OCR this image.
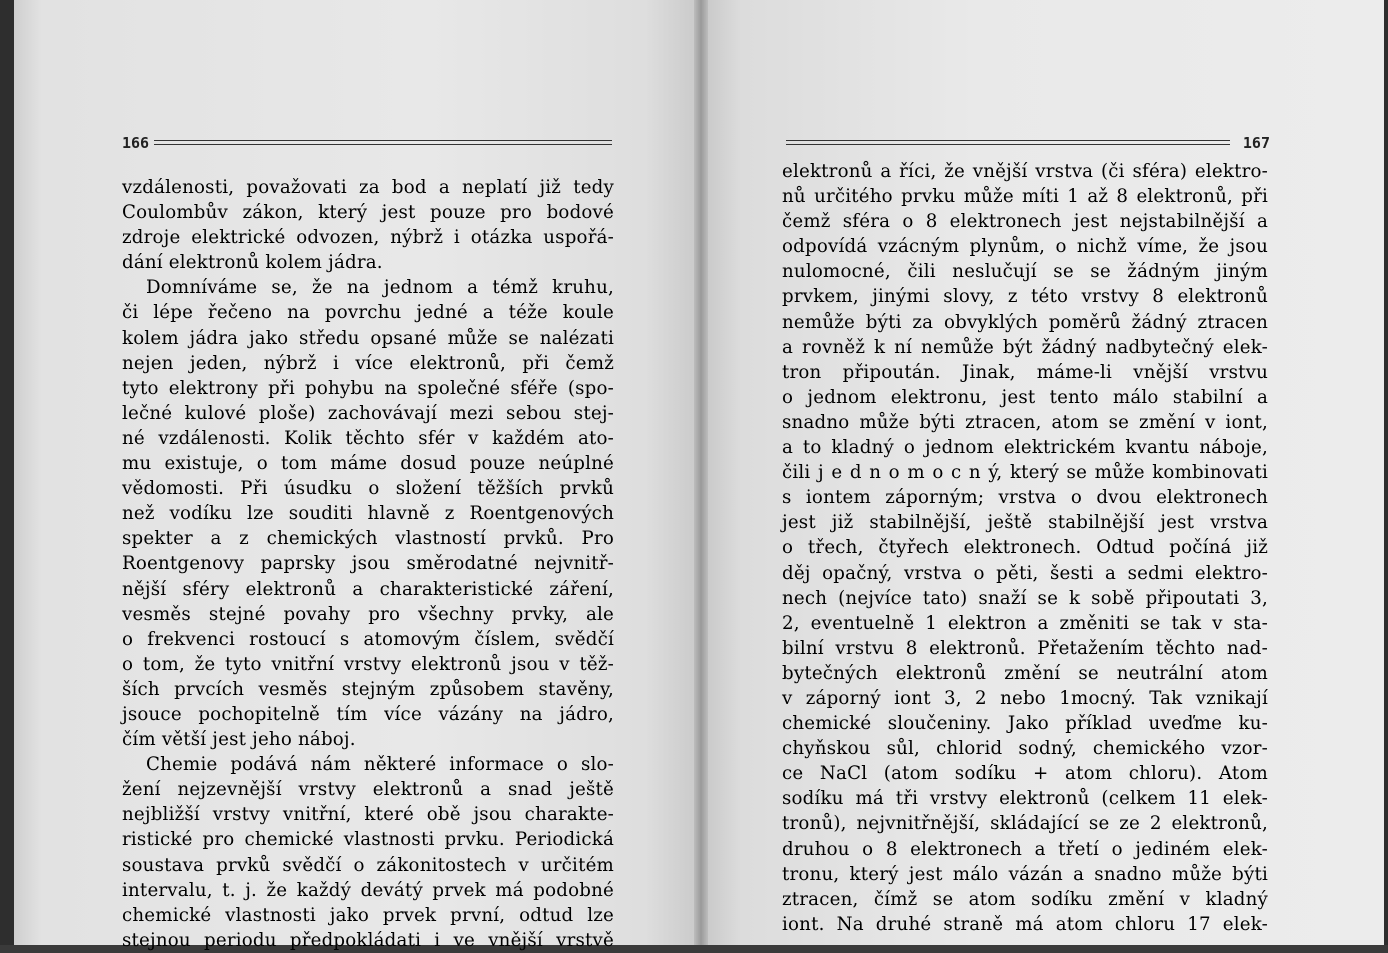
166	167
vzdálenosti, považovati za bod a neplatí již tedy
Coulombův zákon, který jest pouze pro bodové
zdroje elektrické odvozen, nýbrž i otázka uspořá-
dání elektronů kolem jádra.
Domníváme se, že na jednom a témž kruhu,
či lépe řečeno na povrchu jedné a téže koule
kolem jádra jako středu opsané může se nalézati
nejen jeden, nýbrž i více elektronů, při čemž
tyto elektrony při pohybu na společné sféře (spo-
lečné kulové ploše) zachovávají mezi sebou stej-
né vzdálenosti. Kolik těchto sfér v každém ato-
mu existuje, o tom máme dosud pouze neúplné
vědomosti. Při úsudku o složení těžších prvků
než vodíku lze souditi hlavně z Roentgenových
spekter a z chemických vlastností prvků. Pro
Roentgenovy paprsky jsou směrodatné nejvnitř-
nější sféry elektronů a charakteristické záření,
vesměs stejné povahy pro všechny prvky, ale
o frekvenci rostoucí s atomovým číslem, svědčí
o tom, že tyto vnitřní vrstvy elektronů jsou v těž-
ších prvcích vesměs stejným způsobem stavěny,
jsouce pochopitelně tím více vázány na jádro,
čím větší jest jeho náboj.
Chemie podává nám některé informace o slo-
žení nejzevnější vrstvy elektronů a snad ještě
nejbližší vrstvy vnitřní, které obě jsou charakte-
ristické pro chemické vlastnosti prvku. Periodická
soustava prvků svědčí o zákonitostech v určitém
intervalu, t. j. že každý devátý prvek má podobné
chemické vlastnosti jako prvek první, odtud lze
stejnou periodu předpokládati i ve vnější vrstvě
elektronů a říci, že vnější vrstva (či sféra) elektro-
nů určitého prvku může míti 1 až 8 elektronů, při
čemž sféra o 8 elektronech jest nejstabilnější a
odpovídá vzácným plynům, o nichž víme, že jsou
nulomocné, čili neslučují se se žádným jiným
prvkem, jinými slovy, z této vrstvy 8 elektronů
nemůže býti za obvyklých poměrů žádný ztracen
a rovněž k ní nemůže být žádný nadbytečný elek-
tron připoután. Jinak, máme-li vnější vrstvu
o jednom elektronu, jest tento málo stabilní a
snadno může býti ztracen, atom se změní v iont,
a to kladný o jednom elektrickém kvantu náboje,
čili j e d n o m o c n ý, který se může kombinovati
s iontem záporným; vrstva o dvou elektronech
jest již stabilnější, ještě stabilnější jest vrstva
o třech, čtyřech elektronech. Odtud počíná již
děj opačný, vrstva o pěti, šesti a sedmi elektro-
nech (nejvíce tato) snaží se k sobě připoutati 3,
2, eventuelně 1 elektron a změniti se tak v sta-
bilní vrstvu 8 elektronů. Přetažením těchto nad-
bytečných elektronů změní se neutrální atom
v záporný iont 3, 2 nebo 1mocný. Tak vznikají
chemické sloučeniny. Jako příklad uveďme ku-
chyňskou sůl, chlorid sodný, chemického vzor-
ce NaCl (atom sodíku + atom chloru). Atom
sodíku má tři vrstvy elektronů (celkem 11 elek-
tronů), nejvnitřnější, skládající se ze 2 elektronů,
druhou o 8 elektronech a třetí o jediném elek-
tronu, který jest málo vázán a snadno může býti
ztracen, čímž se atom sodíku změní v kladný
iont. Na druhé straně má atom chloru 17 elek-
